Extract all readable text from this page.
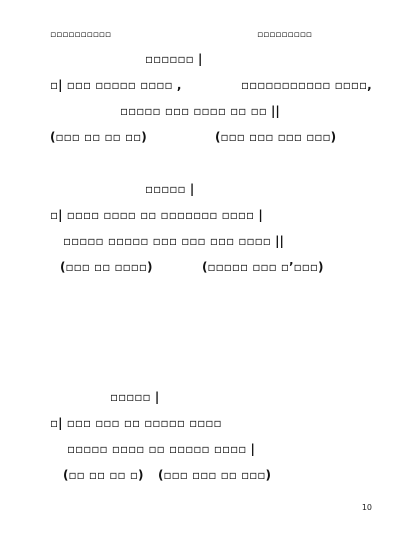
▫▫▫▫▫▫▫▫▫▫	▫▫▫▫▫▫▫▫▫
▫▫▫▫▫▫ |
▫| ▫▫▫ ▫▫▫▫▫ ▫▫▫▫ ,	▫▫▫▫▫▫▫▫▫▫▫ ▫▫▫▫,
▫▫▫▫▫ ▫▫▫ ▫▫▫▫ ▫▫ ▫▫ ||
(▫▫▫ ▫▫ ▫▫ ▫▫)	(▫▫▫ ▫▫▫ ▫▫▫ ▫▫▫)
▫▫▫▫▫ |
▫| ▫▫▫▫ ▫▫▫▫ ▫▫ ▫▫▫▫▫▫▫ ▫▫▫▫ |
▫▫▫▫▫ ▫▫▫▫▫ ▫▫▫ ▫▫▫ ▫▫▫ ▫▫▫▫ ||
(▫▫▫ ▫▫ ▫▫▫▫)	(▫▫▫▫▫ ▫▫▫ ▫’▫▫▫)
▫▫▫▫▫ |
▫| ▫▫▫ ▫▫▫ ▫▫ ▫▫▫▫▫ ▫▫▫▫
▫▫▫▫▫ ▫▫▫▫ ▫▫ ▫▫▫▫▫ ▫▫▫▫ |
(▫▫ ▫▫ ▫▫ ▫) (▫▫▫ ▫▫▫ ▫▫ ▫▫▫)
10
